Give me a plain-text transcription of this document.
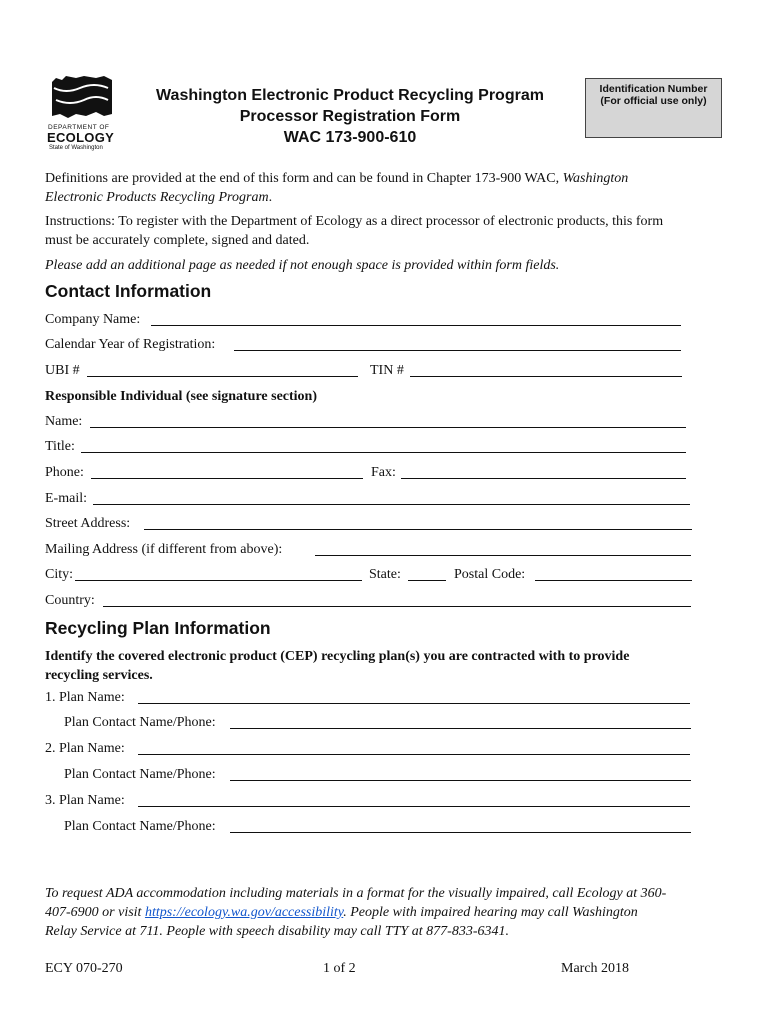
DEPARTMENT OF
ECOLOGY
State of Washington
Washington Electronic Product Recycling Program
Processor Registration Form
WAC 173-900-610
Identification Number
(For official use only)
Definitions are provided at the end of this form and can be found in Chapter 173-900 WAC, Washington
Electronic Products Recycling Program.
Instructions: To register with the Department of Ecology as a direct processor of electronic products, this form
must be accurately complete, signed and dated.
Please add an additional page as needed if not enough space is provided within form fields.
Contact Information
Company Name:
Calendar Year of Registration:
UBI #	TIN #
Responsible Individual (see signature section)
Name:
Title:
Phone:	Fax:
E-mail:
Street Address:
Mailing Address (if different from above):
City:	State:	Postal Code:
Country:
Recycling Plan Information
Identify the covered electronic product (CEP) recycling plan(s) you are contracted with to provide
recycling services.
1. Plan Name:
Plan Contact Name/Phone:
2. Plan Name:
Plan Contact Name/Phone:
3. Plan Name:
Plan Contact Name/Phone:
To request ADA accommodation including materials in a format for the visually impaired, call Ecology at 360-
407-6900 or visit https://ecology.wa.gov/accessibility. People with impaired hearing may call Washington
Relay Service at 711. People with speech disability may call TTY at 877-833-6341.
ECY 070-270	1 of 2	March 2018
